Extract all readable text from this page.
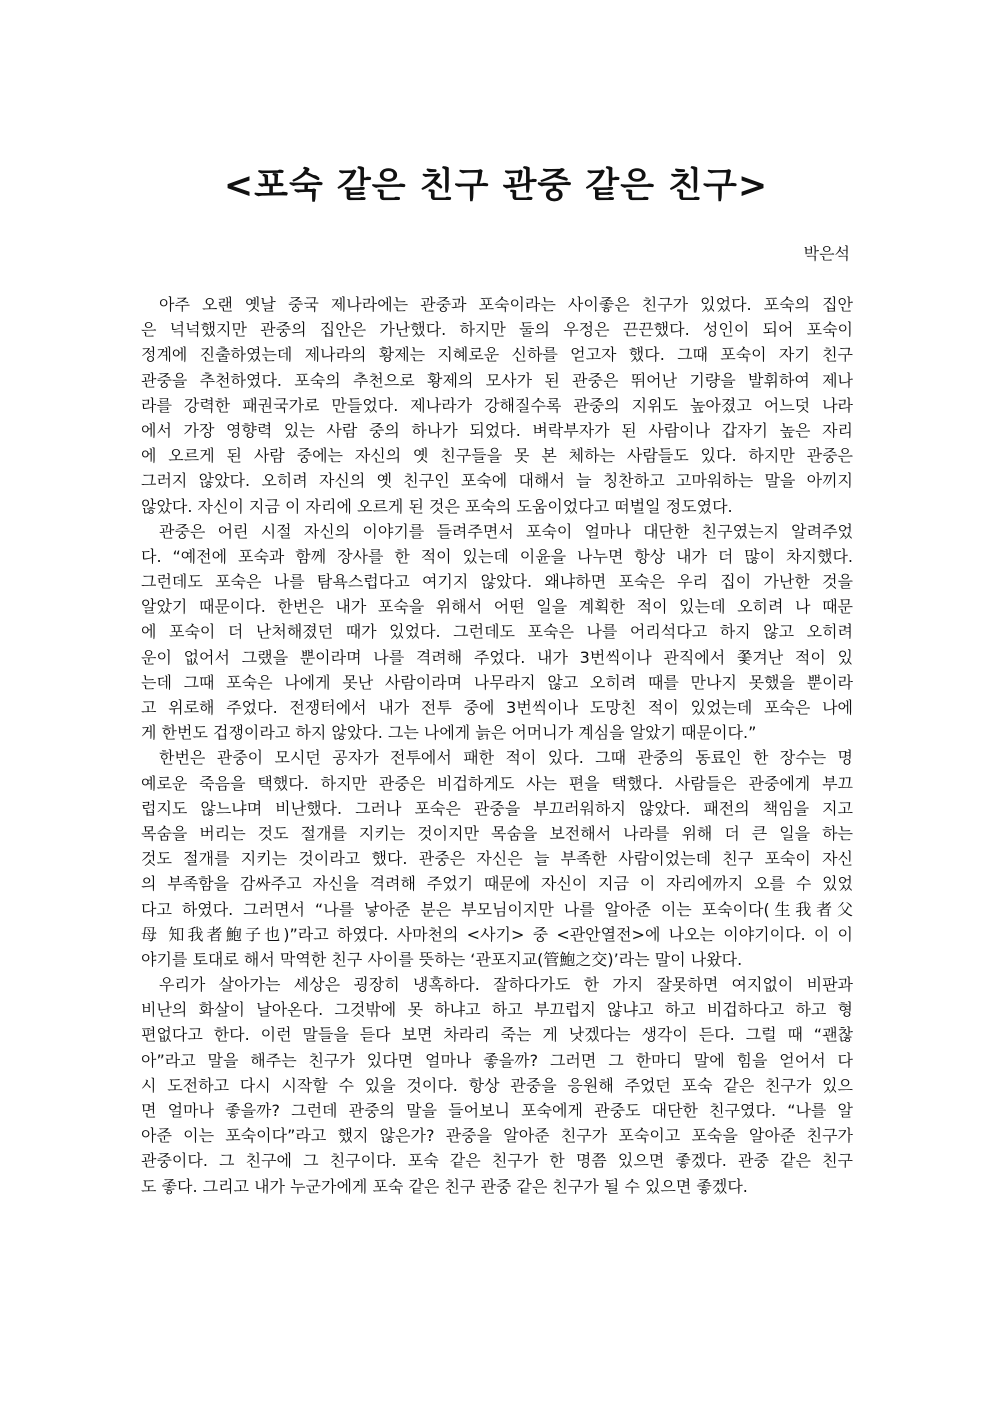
<포숙 같은 친구 관중 같은 친구>
박은석
아주 오랜 옛날 중국 제나라에는 관중과 포숙이라는 사이좋은 친구가 있었다. 포숙의 집안
은 넉넉했지만 관중의 집안은 가난했다. 하지만 둘의 우정은 끈끈했다. 성인이 되어 포숙이
정계에 진출하였는데 제나라의 황제는 지혜로운 신하를 얻고자 했다. 그때 포숙이 자기 친구
관중을 추천하였다. 포숙의 추천으로 황제의 모사가 된 관중은 뛰어난 기량을 발휘하여 제나
라를 강력한 패권국가로 만들었다. 제나라가 강해질수록 관중의 지위도 높아졌고 어느덧 나라
에서 가장 영향력 있는 사람 중의 하나가 되었다. 벼락부자가 된 사람이나 갑자기 높은 자리
에 오르게 된 사람 중에는 자신의 옛 친구들을 못 본 체하는 사람들도 있다. 하지만 관중은
그러지 않았다. 오히려 자신의 옛 친구인 포숙에 대해서 늘 칭찬하고 고마워하는 말을 아끼지
않았다. 자신이 지금 이 자리에 오르게 된 것은 포숙의 도움이었다고 떠벌일 정도였다.
관중은 어린 시절 자신의 이야기를 들려주면서 포숙이 얼마나 대단한 친구였는지 알려주었
다. “예전에 포숙과 함께 장사를 한 적이 있는데 이윤을 나누면 항상 내가 더 많이 차지했다.
그런데도 포숙은 나를 탐욕스럽다고 여기지 않았다. 왜냐하면 포숙은 우리 집이 가난한 것을
알았기 때문이다. 한번은 내가 포숙을 위해서 어떤 일을 계획한 적이 있는데 오히려 나 때문
에 포숙이 더 난처해졌던 때가 있었다. 그런데도 포숙은 나를 어리석다고 하지 않고 오히려
운이 없어서 그랬을 뿐이라며 나를 격려해 주었다. 내가 3번씩이나 관직에서 쫓겨난 적이 있
는데 그때 포숙은 나에게 못난 사람이라며 나무라지 않고 오히려 때를 만나지 못했을 뿐이라
고 위로해 주었다. 전쟁터에서 내가 전투 중에 3번씩이나 도망친 적이 있었는데 포숙은 나에
게 한번도 겁쟁이라고 하지 않았다. 그는 나에게 늙은 어머니가 계심을 알았기 때문이다.”
한번은 관중이 모시던 공자가 전투에서 패한 적이 있다. 그때 관중의 동료인 한 장수는 명
예로운 죽음을 택했다. 하지만 관중은 비겁하게도 사는 편을 택했다. 사람들은 관중에게 부끄
럽지도 않느냐며 비난했다. 그러나 포숙은 관중을 부끄러워하지 않았다. 패전의 책임을 지고
목숨을 버리는 것도 절개를 지키는 것이지만 목숨을 보전해서 나라를 위해 더 큰 일을 하는
것도 절개를 지키는 것이라고 했다. 관중은 자신은 늘 부족한 사람이었는데 친구 포숙이 자신
의 부족함을 감싸주고 자신을 격려해 주었기 때문에 자신이 지금 이 자리에까지 오를 수 있었
다고 하였다. 그러면서 “나를 낳아준 분은 부모님이지만 나를 알아준 이는 포숙이다(生我者父
母 知我者鮑子也)”라고 하였다. 사마천의 <사기> 중 <관안열전>에 나오는 이야기이다. 이 이
야기를 토대로 해서 막역한 친구 사이를 뜻하는 ‘관포지교(管鮑之交)’라는 말이 나왔다.
우리가 살아가는 세상은 굉장히 냉혹하다. 잘하다가도 한 가지 잘못하면 여지없이 비판과
비난의 화살이 날아온다. 그것밖에 못 하냐고 하고 부끄럽지 않냐고 하고 비겁하다고 하고 형
편없다고 한다. 이런 말들을 듣다 보면 차라리 죽는 게 낫겠다는 생각이 든다. 그럴 때 “괜찮
아”라고 말을 해주는 친구가 있다면 얼마나 좋을까? 그러면 그 한마디 말에 힘을 얻어서 다
시 도전하고 다시 시작할 수 있을 것이다. 항상 관중을 응원해 주었던 포숙 같은 친구가 있으
면 얼마나 좋을까? 그런데 관중의 말을 들어보니 포숙에게 관중도 대단한 친구였다. “나를 알
아준 이는 포숙이다”라고 했지 않은가? 관중을 알아준 친구가 포숙이고 포숙을 알아준 친구가
관중이다. 그 친구에 그 친구이다. 포숙 같은 친구가 한 명쯤 있으면 좋겠다. 관중 같은 친구
도 좋다. 그리고 내가 누군가에게 포숙 같은 친구 관중 같은 친구가 될 수 있으면 좋겠다.
